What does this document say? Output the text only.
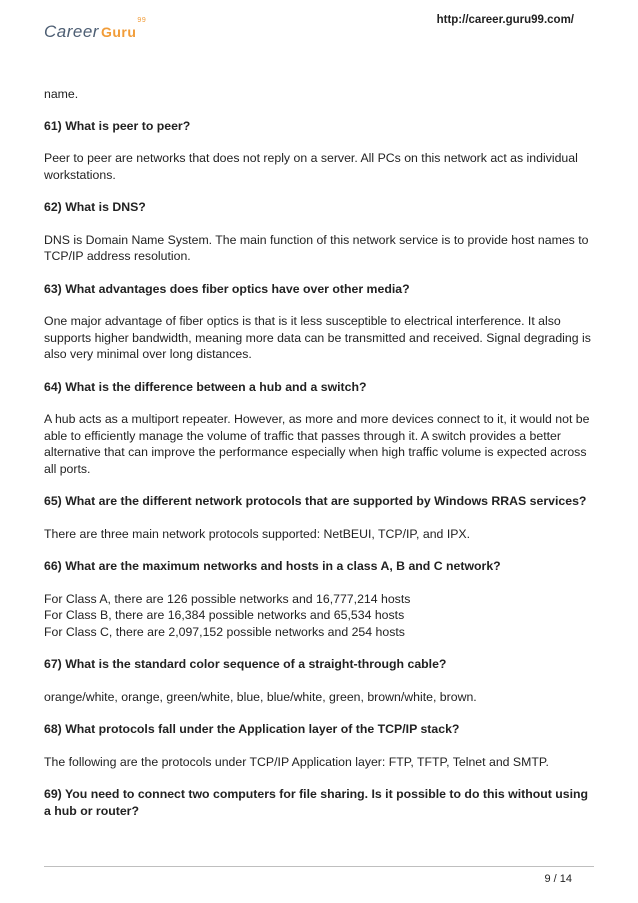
Career Guru$^{99}$	http://career.guru99.com/

name.

61) What is peer to peer?

Peer to peer are networks that does not reply on a server. All PCs on this network act as individual workstations.

62) What is DNS?

DNS is Domain Name System. The main function of this network service is to provide host names to TCP/IP address resolution.

63) What advantages does fiber optics have over other media?

One major advantage of fiber optics is that is it less susceptible to electrical interference. It also supports higher bandwidth, meaning more data can be transmitted and received. Signal degrading is also very minimal over long distances.

64) What is the difference between a hub and a switch?

A hub acts as a multiport repeater. However, as more and more devices connect to it, it would not be able to efficiently manage the volume of traffic that passes through it. A switch provides a better alternative that can improve the performance especially when high traffic volume is expected across all ports.

65) What are the different network protocols that are supported by Windows RRAS services?

There are three main network protocols supported: NetBEUI, TCP/IP, and IPX.

66) What are the maximum networks and hosts in a class A, B and C network?

For Class A, there are 126 possible networks and 16,777,214 hosts

For Class B, there are 16,384 possible networks and 65,534 hosts

For Class C, there are 2,097,152 possible networks and 254 hosts

67) What is the standard color sequence of a straight-through cable?

orange/white, orange, green/white, blue, blue/white, green, brown/white, brown.

68) What protocols fall under the Application layer of the TCP/IP stack?

The following are the protocols under TCP/IP Application layer: FTP, TFTP, Telnet and SMTP.

69) You need to connect two computers for file sharing. Is it possible to do this without using a hub or router?

9 / 14
